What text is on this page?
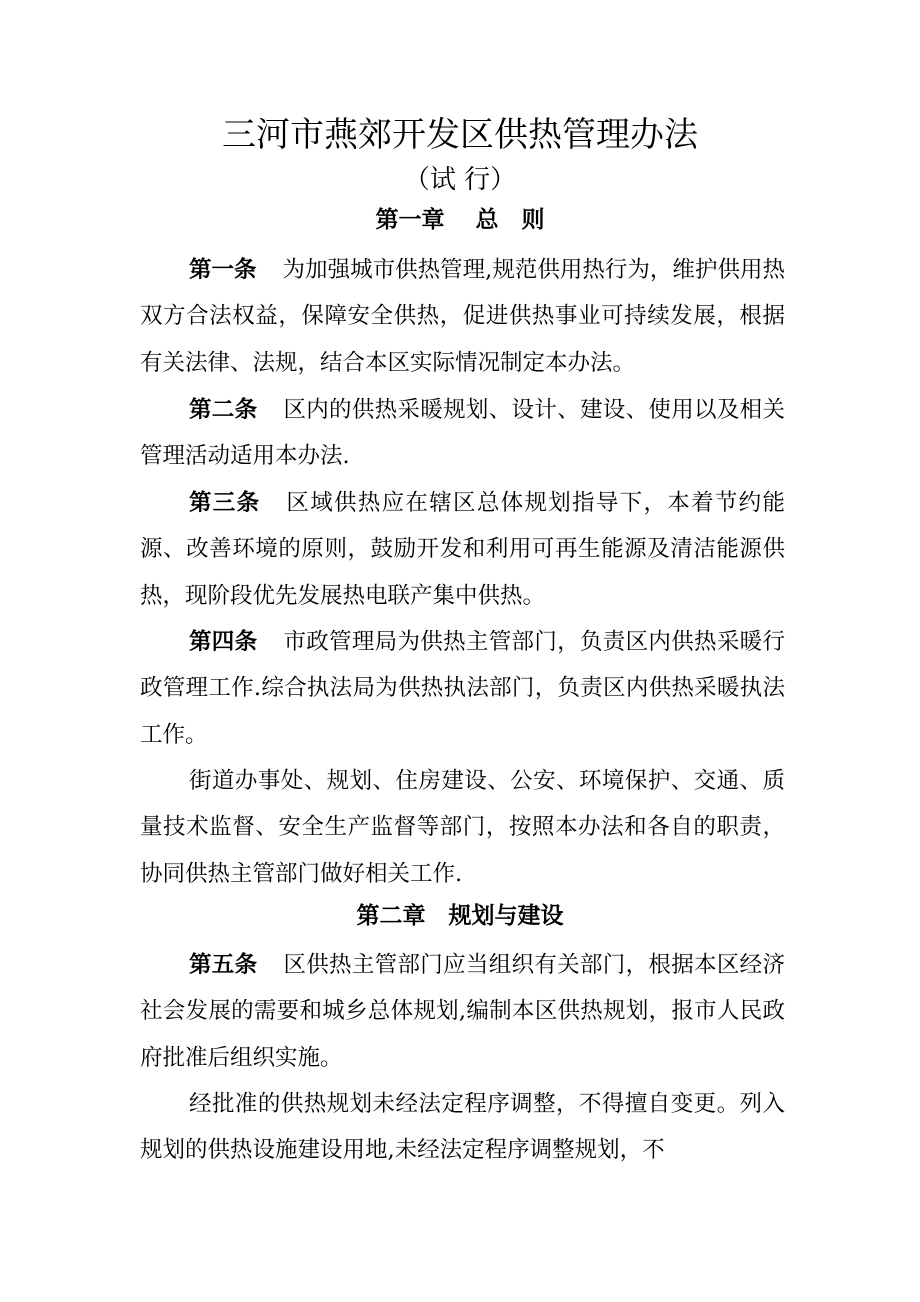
三河市燕郊开发区供热管理办法
（试 行）
第一章　 总　则

第一条 为加强城市供热管理,规范供用热行为，维护供用热双方合法权益，保障安全供热，促进供热事业可持续发展，根据有关法律、法规，结合本区实际情况制定本办法。

第二条 区内的供热采暖规划、设计、建设、使用以及相关管理活动适用本办法.

第三条 区域供热应在辖区总体规划指导下，本着节约能源、改善环境的原则，鼓励开发和利用可再生能源及清洁能源供热，现阶段优先发展热电联产集中供热。

第四条 市政管理局为供热主管部门，负责区内供热采暖行政管理工作.综合执法局为供热执法部门，负责区内供热采暖执法工作。

街道办事处、规划、住房建设、公安、环境保护、交通、质量技术监督、安全生产监督等部门，按照本办法和各自的职责，协同供热主管部门做好相关工作.

第二章　规划与建设

第五条 区供热主管部门应当组织有关部门，根据本区经济社会发展的需要和城乡总体规划,编制本区供热规划，报市人民政府批准后组织实施。

经批准的供热规划未经法定程序调整，不得擅自变更。列入规划的供热设施建设用地,未经法定程序调整规划，不
